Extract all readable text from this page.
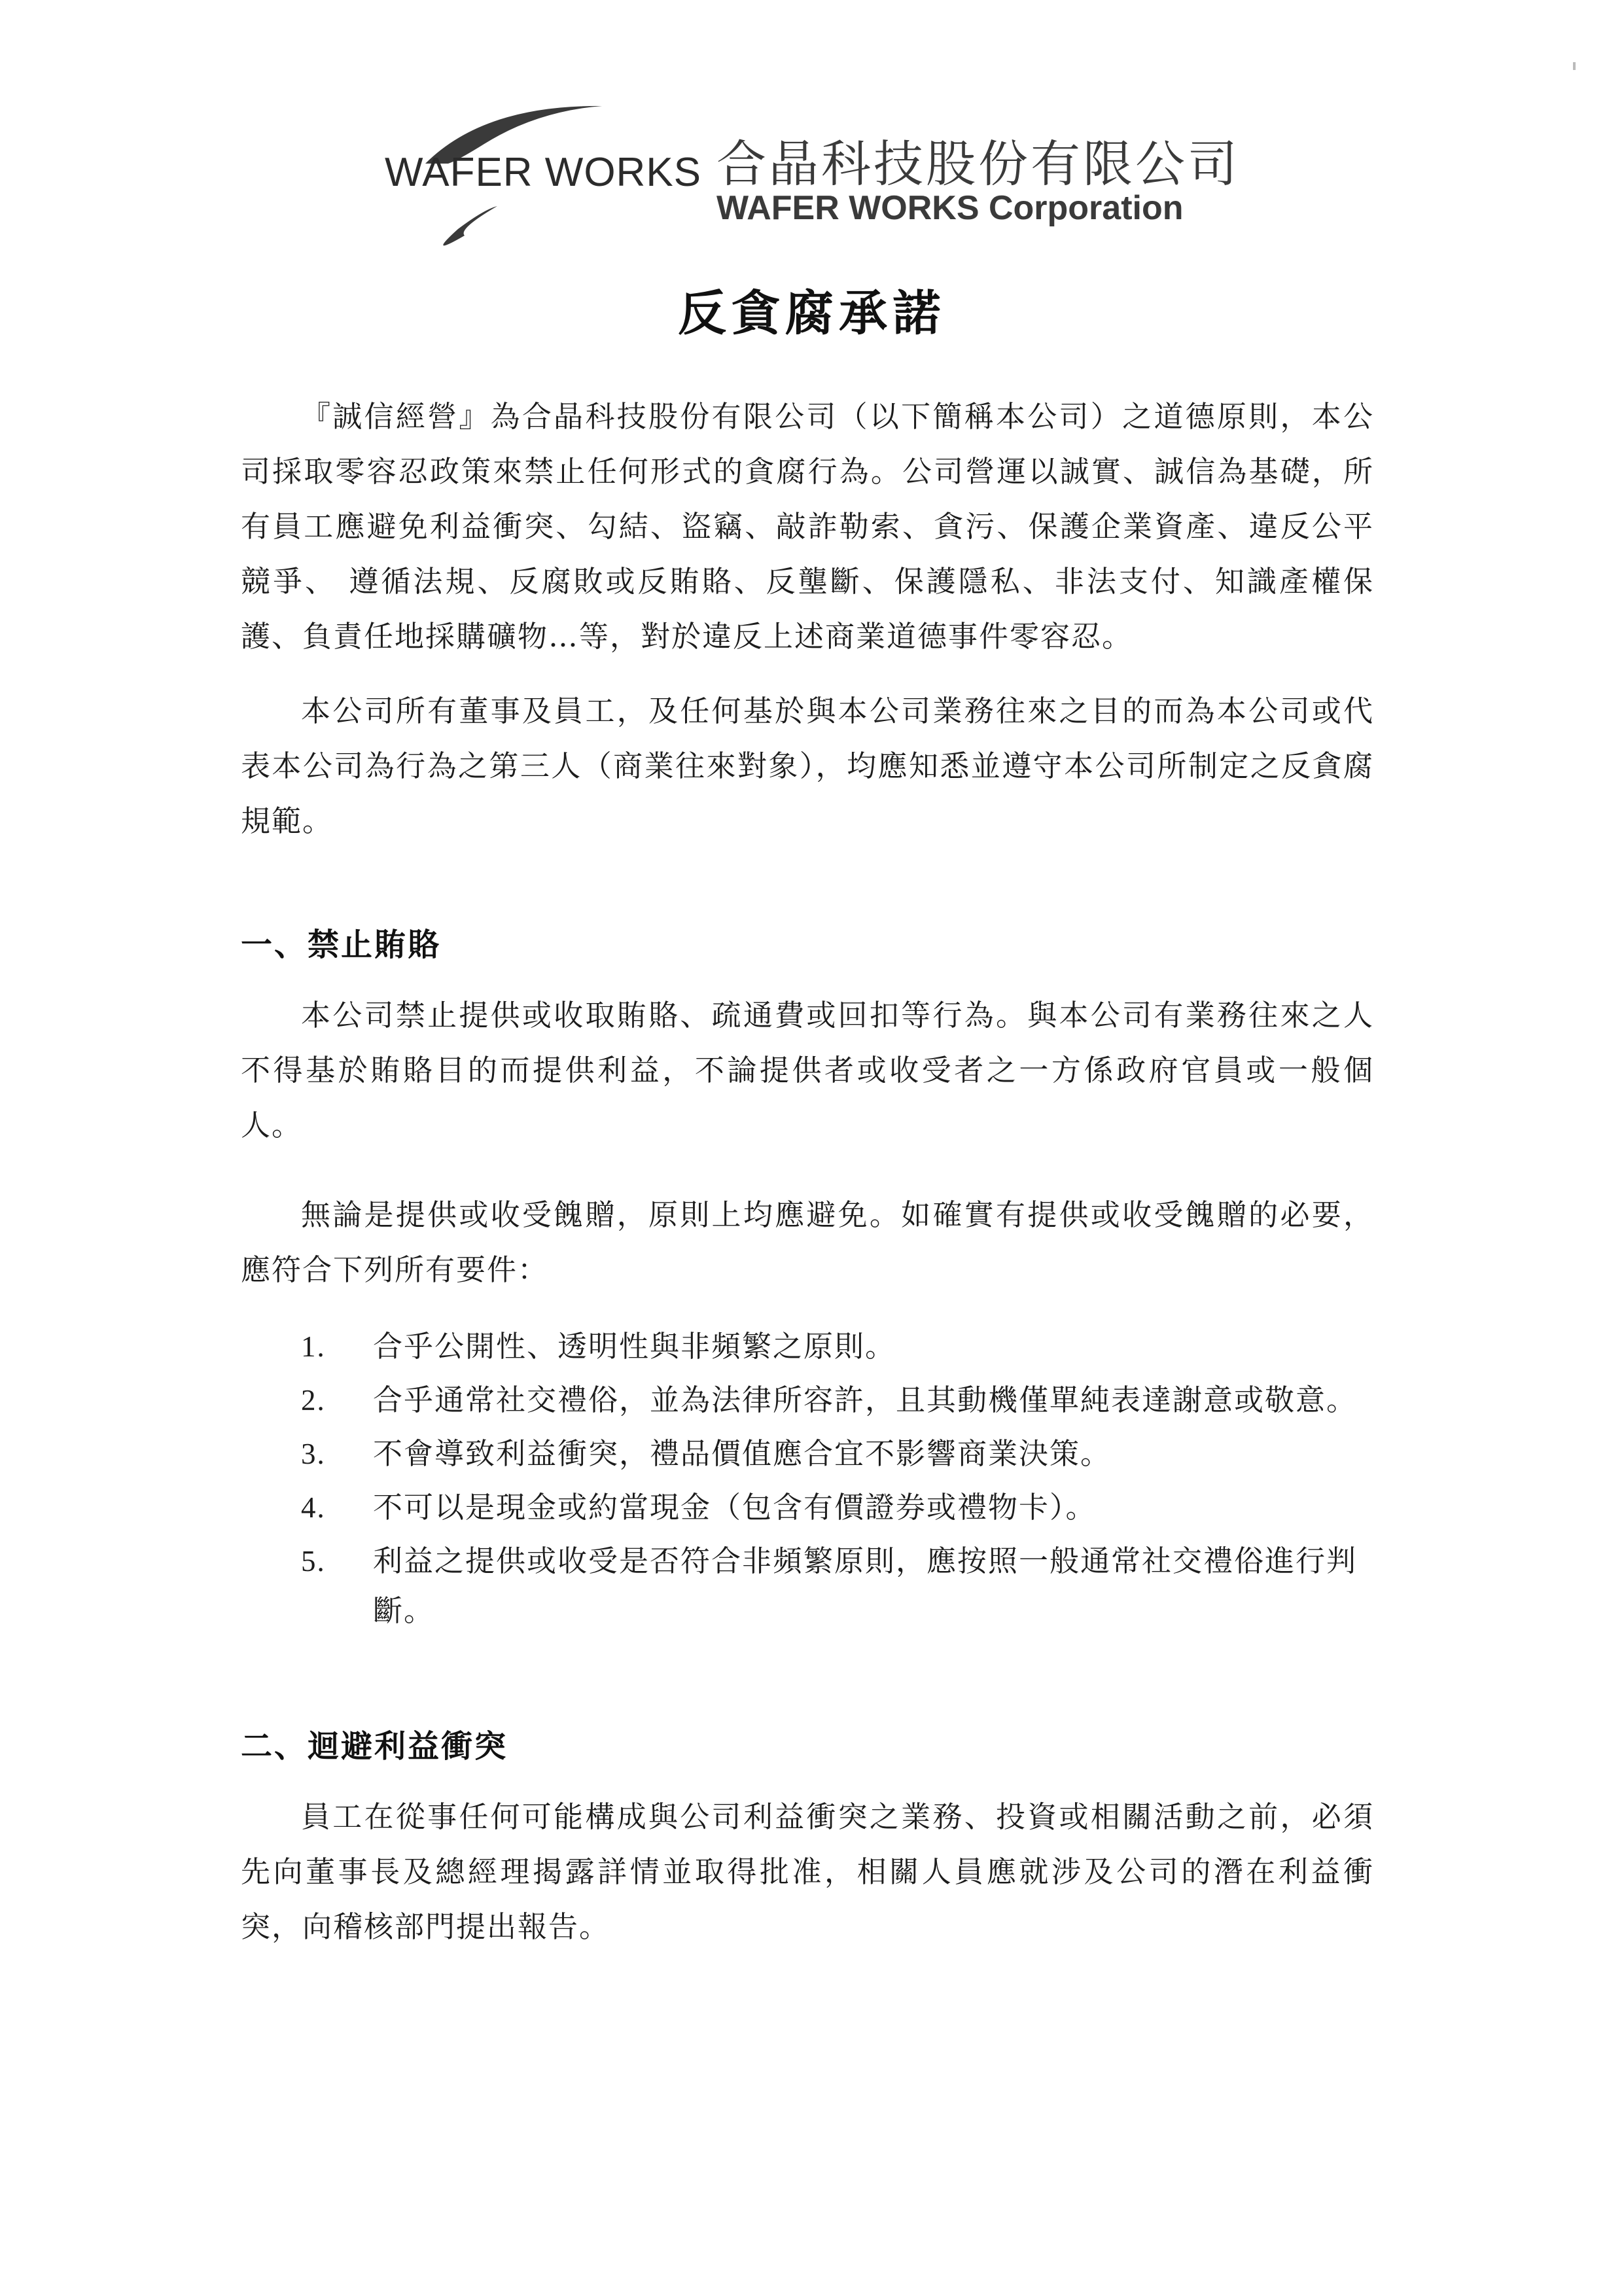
WAFER WORKS 合晶科技股份有限公司
WAFER WORKS Corporation
反貪腐承諾

『誠信經營』為合晶科技股份有限公司（以下簡稱本公司）之道德原則，本公司採取零容忍政策來禁止任何形式的貪腐行為。公司營運以誠實、誠信為基礎，所有員工應避免利益衝突、勾結、盜竊、敲詐勒索、貪污、保護企業資產、違反公平競爭、 遵循法規、反腐敗或反賄賂、反壟斷、保護隱私、非法支付、知識產權保護、負責任地採購礦物…等，對於違反上述商業道德事件零容忍。

本公司所有董事及員工，及任何基於與本公司業務往來之目的而為本公司或代表本公司為行為之第三人（商業往來對象），均應知悉並遵守本公司所制定之反貪腐規範。

一、禁止賄賂

本公司禁止提供或收取賄賂、疏通費或回扣等行為。與本公司有業務往來之人不得基於賄賂目的而提供利益，不論提供者或收受者之一方係政府官員或一般個人。

無論是提供或收受餽贈，原則上均應避免。如確實有提供或收受餽贈的必要，應符合下列所有要件：

1. 合乎公開性、透明性與非頻繁之原則。
2. 合乎通常社交禮俗，並為法律所容許，且其動機僅單純表達謝意或敬意。
3. 不會導致利益衝突，禮品價值應合宜不影響商業決策。
4. 不可以是現金或約當現金（包含有價證券或禮物卡）。
5. 利益之提供或收受是否符合非頻繁原則，應按照一般通常社交禮俗進行判斷。
二、迴避利益衝突

員工在從事任何可能構成與公司利益衝突之業務、投資或相關活動之前，必須先向董事長及總經理揭露詳情並取得批准，相關人員應就涉及公司的潛在利益衝突，向稽核部門提出報告。
